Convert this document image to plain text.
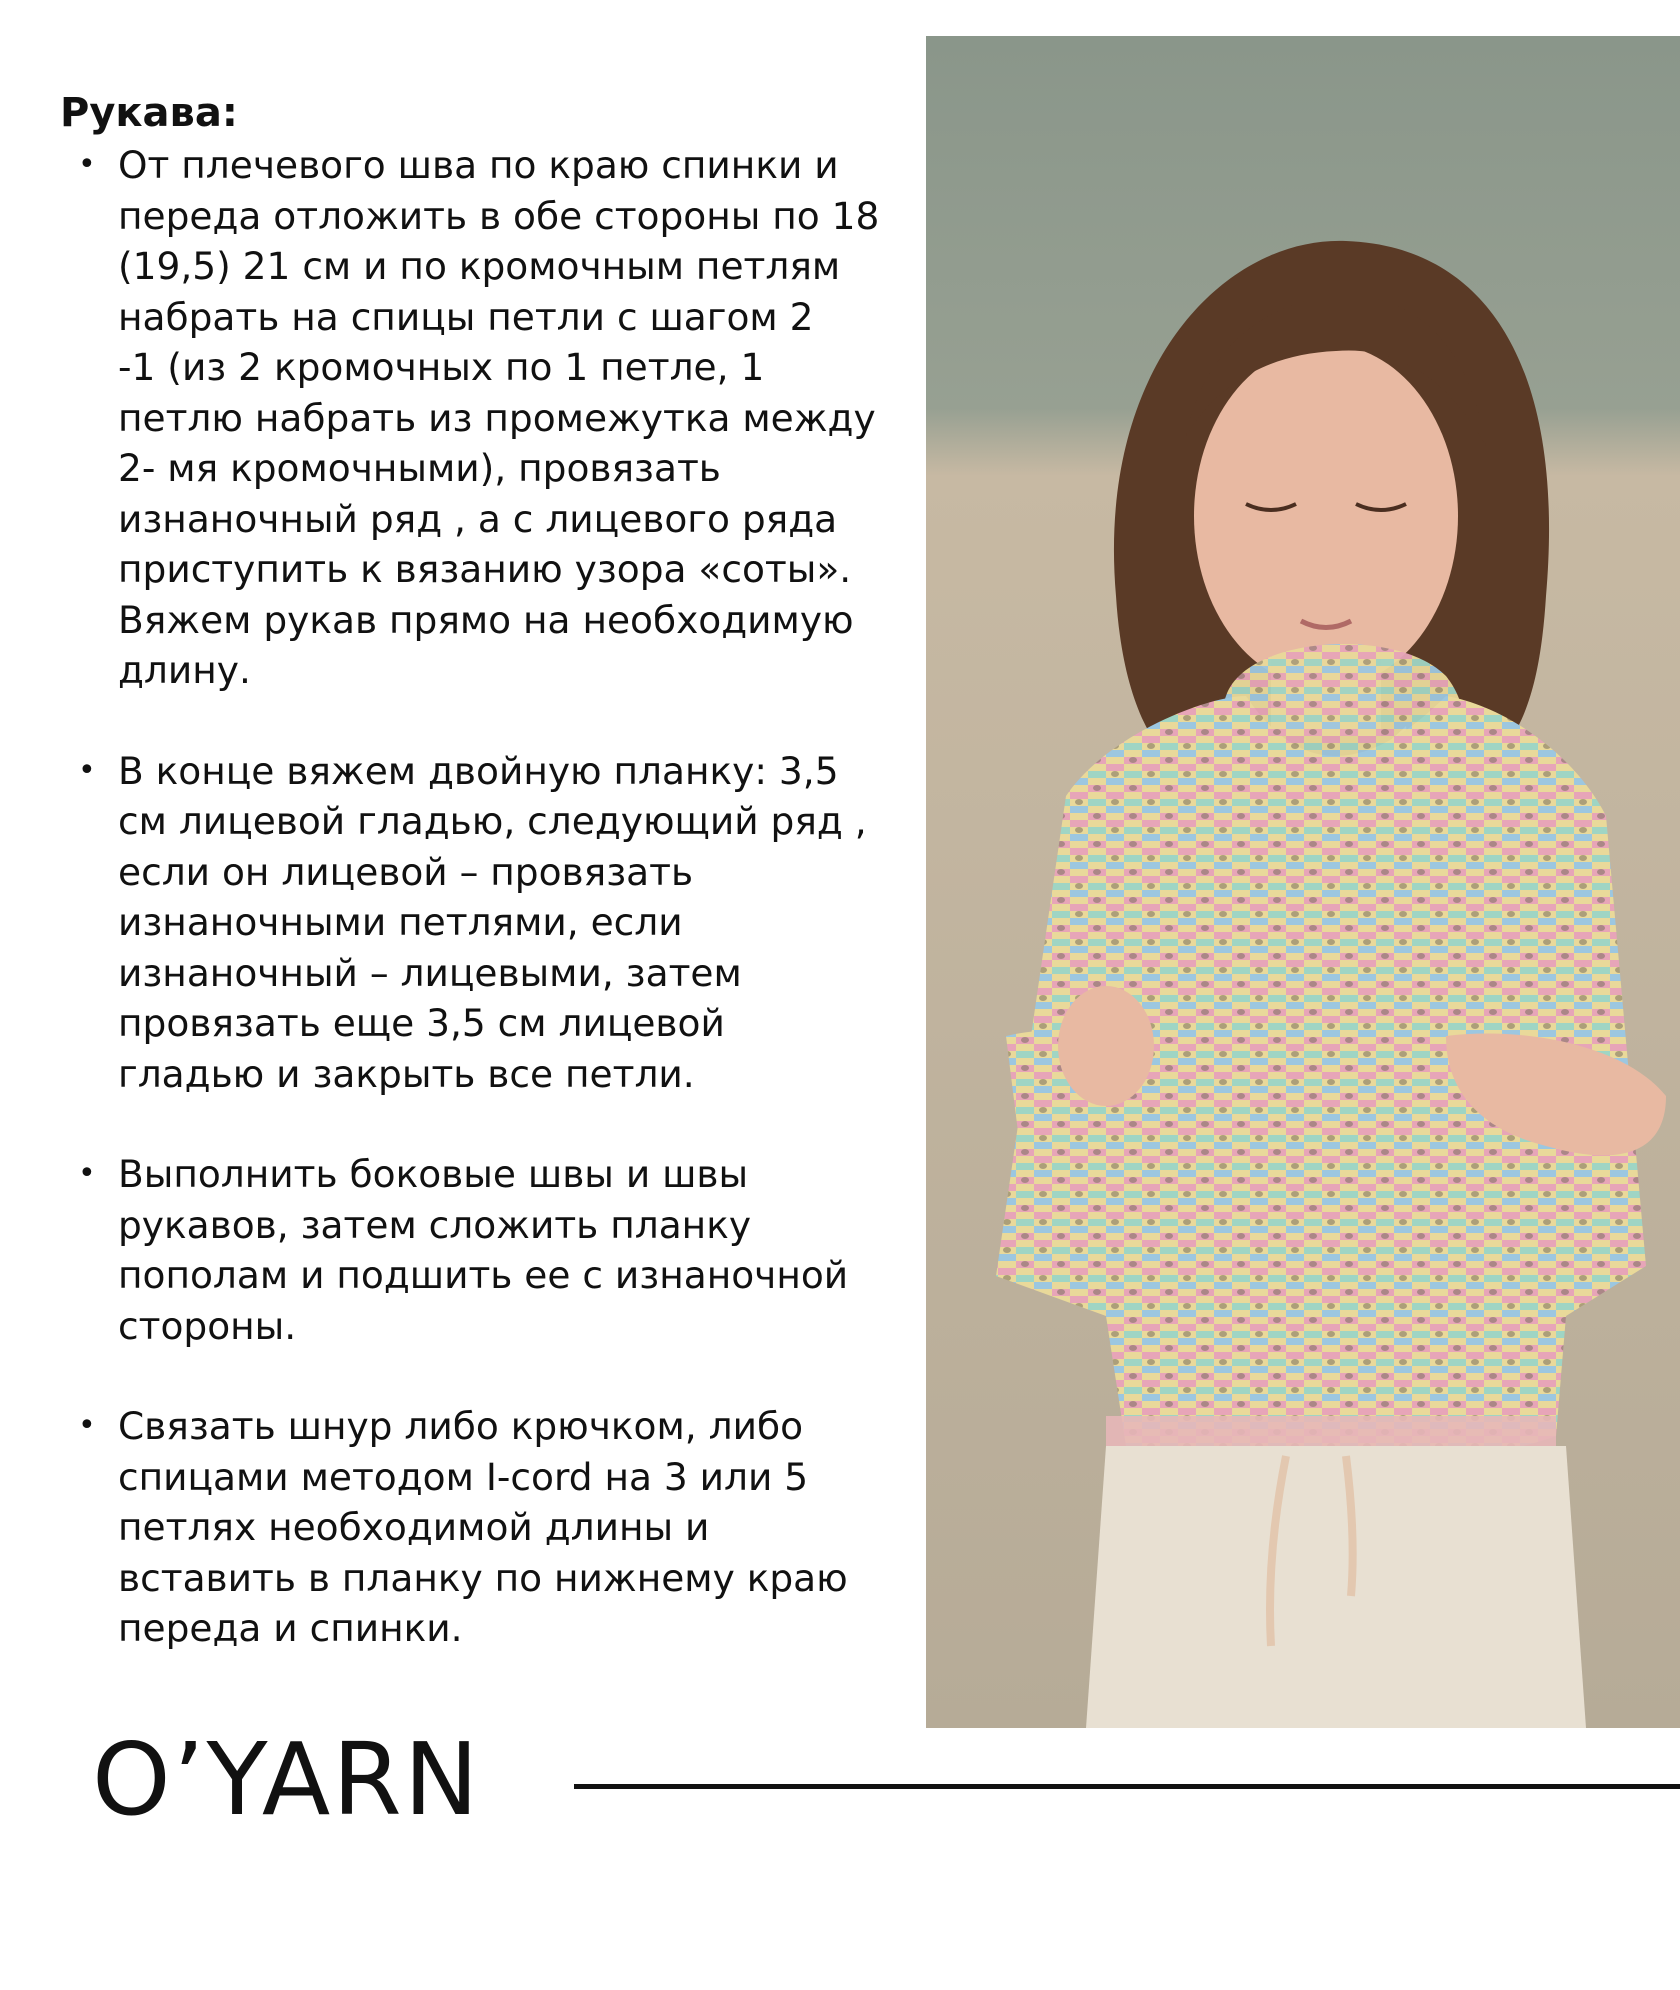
Рукава:
• От плечевого шва по краю спинки и
переда отложить в обе стороны по 18
(19,5) 21 см и по кромочным петлям
набрать на спицы петли с шагом 2
-1 (из 2 кромочных по 1 петле, 1
петлю набрать из промежутка между
2- мя кромочными), провязать
изнаночный ряд , а с лицевого ряда
приступить к вязанию узора «соты».
Вяжем рукав прямо на необходимую
длину.
• В конце вяжем двойную планку: 3,5
см лицевой гладью, следующий ряд ,
если он лицевой – провязать
изнаночными петлями, если
изнаночный – лицевыми, затем
провязать еще 3,5 см лицевой
гладью и закрыть все петли.
• Выполнить боковые швы и швы
рукавов, затем сложить планку
пополам и подшить ее с изнаночной
стороны.
• Связать шнур либо крючком, либо
спицами методом I-cord на 3 или 5
петлях необходимой длины и
вставить в планку по нижнему краю
переда и спинки.
O’YARN
